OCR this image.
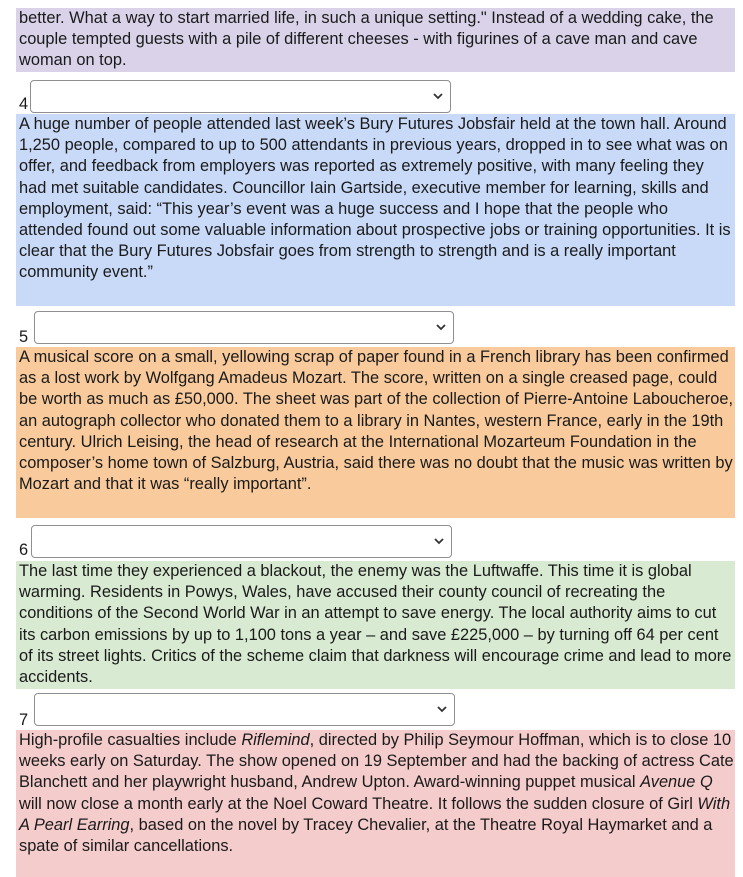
better. What a way to start married life, in such a unique setting." Instead of a wedding cake, the couple tempted guests with a pile of different cheeses - with figurines of a cave man and cave woman on top.

4

A huge number of people attended last week’s Bury Futures Jobsfair held at the town hall. Around 1,250 people, compared to up to 500 attendants in previous years, dropped in to see what was on offer, and feedback from employers was reported as extremely positive, with many feeling they had met suitable candidates. Councillor Iain Gartside, executive member for learning, skills and employment, said: “This year’s event was a huge success and I hope that the people who attended found out some valuable information about prospective jobs or training opportunities. It is clear that the Bury Futures Jobsfair goes from strength to strength and is a really important community event.”

5

A musical score on a small, yellowing scrap of paper found in a French library has been confirmed as a lost work by Wolfgang Amadeus Mozart. The score, written on a single creased page, could be worth as much as £50,000. The sheet was part of the collection of Pierre-Antoine Laboucheroe, an autograph collector who donated them to a library in Nantes, western France, early in the 19th century. Ulrich Leising, the head of research at the International Mozarteum Foundation in the composer’s home town of Salzburg, Austria, said there was no doubt that the music was written by Mozart and that it was “really important”.

6

The last time they experienced a blackout, the enemy was the Luftwaffe. This time it is global warming. Residents in Powys, Wales, have accused their county council of recreating the conditions of the Second World War in an attempt to save energy. The local authority aims to cut its carbon emissions by up to 1,100 tons a year – and save £225,000 – by turning off 64 per cent of its street lights. Critics of the scheme claim that darkness will encourage crime and lead to more accidents.

7

High-profile casualties include Riflemind, directed by Philip Seymour Hoffman, which is to close 10 weeks early on Saturday. The show opened on 19 September and had the backing of actress Cate Blanchett and her playwright husband, Andrew Upton. Award-winning puppet musical Avenue Q will now close a month early at the Noel Coward Theatre. It follows the sudden closure of Girl With A Pearl Earring, based on the novel by Tracey Chevalier, at the Theatre Royal Haymarket and a spate of similar cancellations.
